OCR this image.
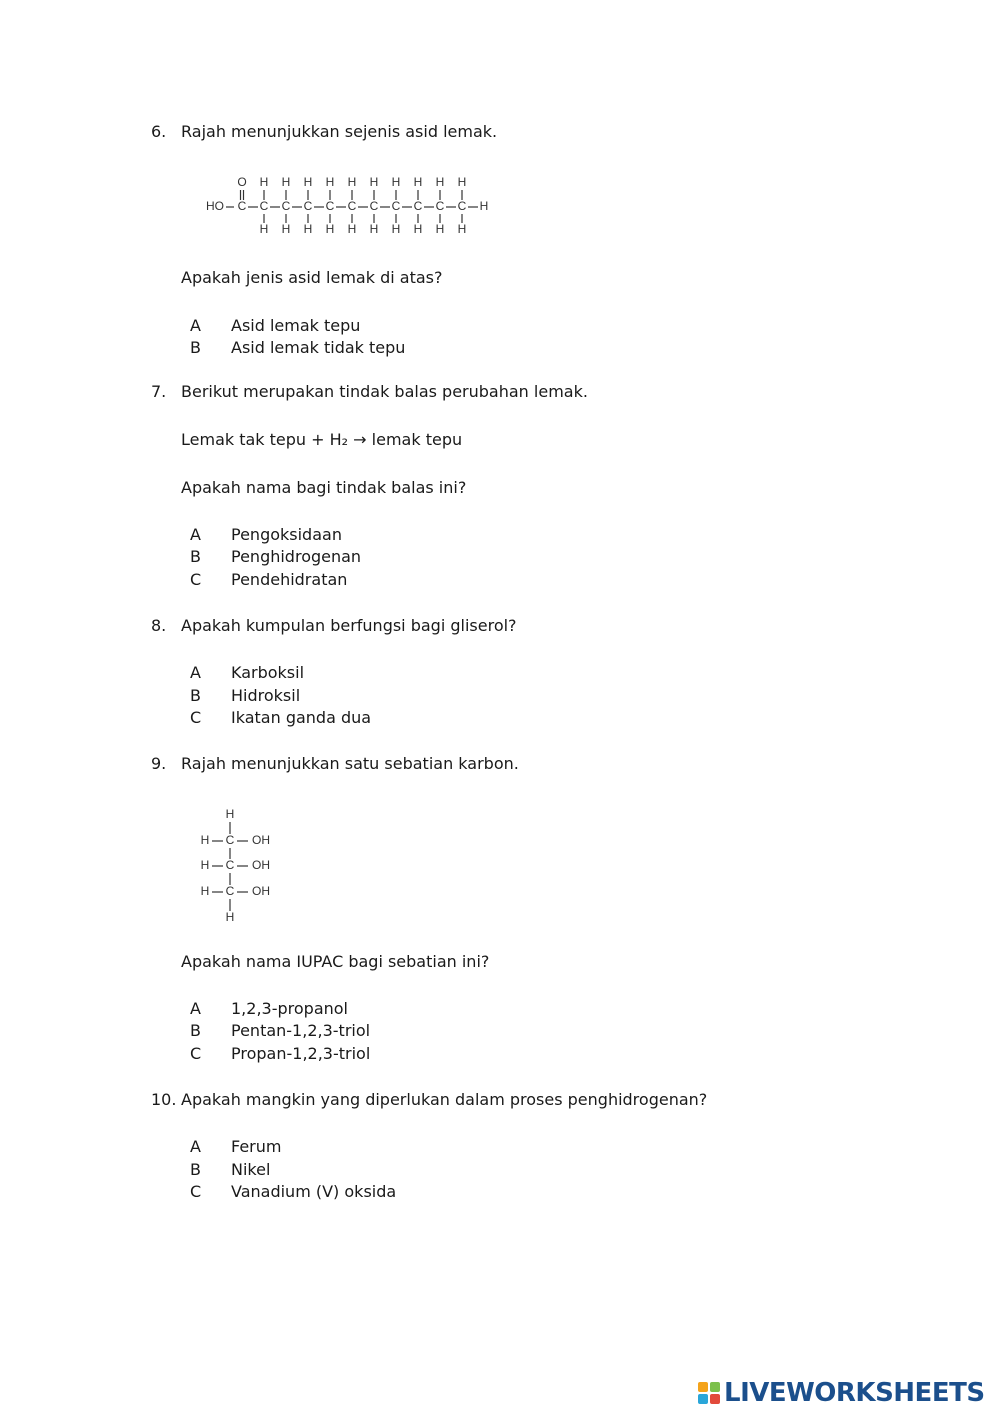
6. Rajah menunjukkan sejenis asid lemak.
HO C
O
C
H
H
C
H
H
C
H
H
C
H
H
C
H
H
C
H
H
C
H
H
C
H
H
C
H
H
C
H
H
H
Apakah jenis asid lemak di atas?
A Asid lemak tepu
B Asid lemak tidak tepu
7. Berikut merupakan tindak balas perubahan lemak.
Lemak tak tepu + H₂ → lemak tepu
Apakah nama bagi tindak balas ini?
A Pengoksidaan
B Penghidrogenan
C Pendehidratan
8. Apakah kumpulan berfungsi bagi gliserol?
A Karboksil
B Hidroksil
C Ikatan ganda dua
9. Rajah menunjukkan satu sebatian karbon.
H
H C OH
H C OH
H C OH
H
Apakah nama IUPAC bagi sebatian ini?
A 1,2,3-propanol
B Pentan-1,2,3-triol
C Propan-1,2,3-triol
10. Apakah mangkin yang diperlukan dalam proses penghidrogenan?
A Ferum
B Nikel
C Vanadium (V) oksida
LIVEWORKSHEETS
